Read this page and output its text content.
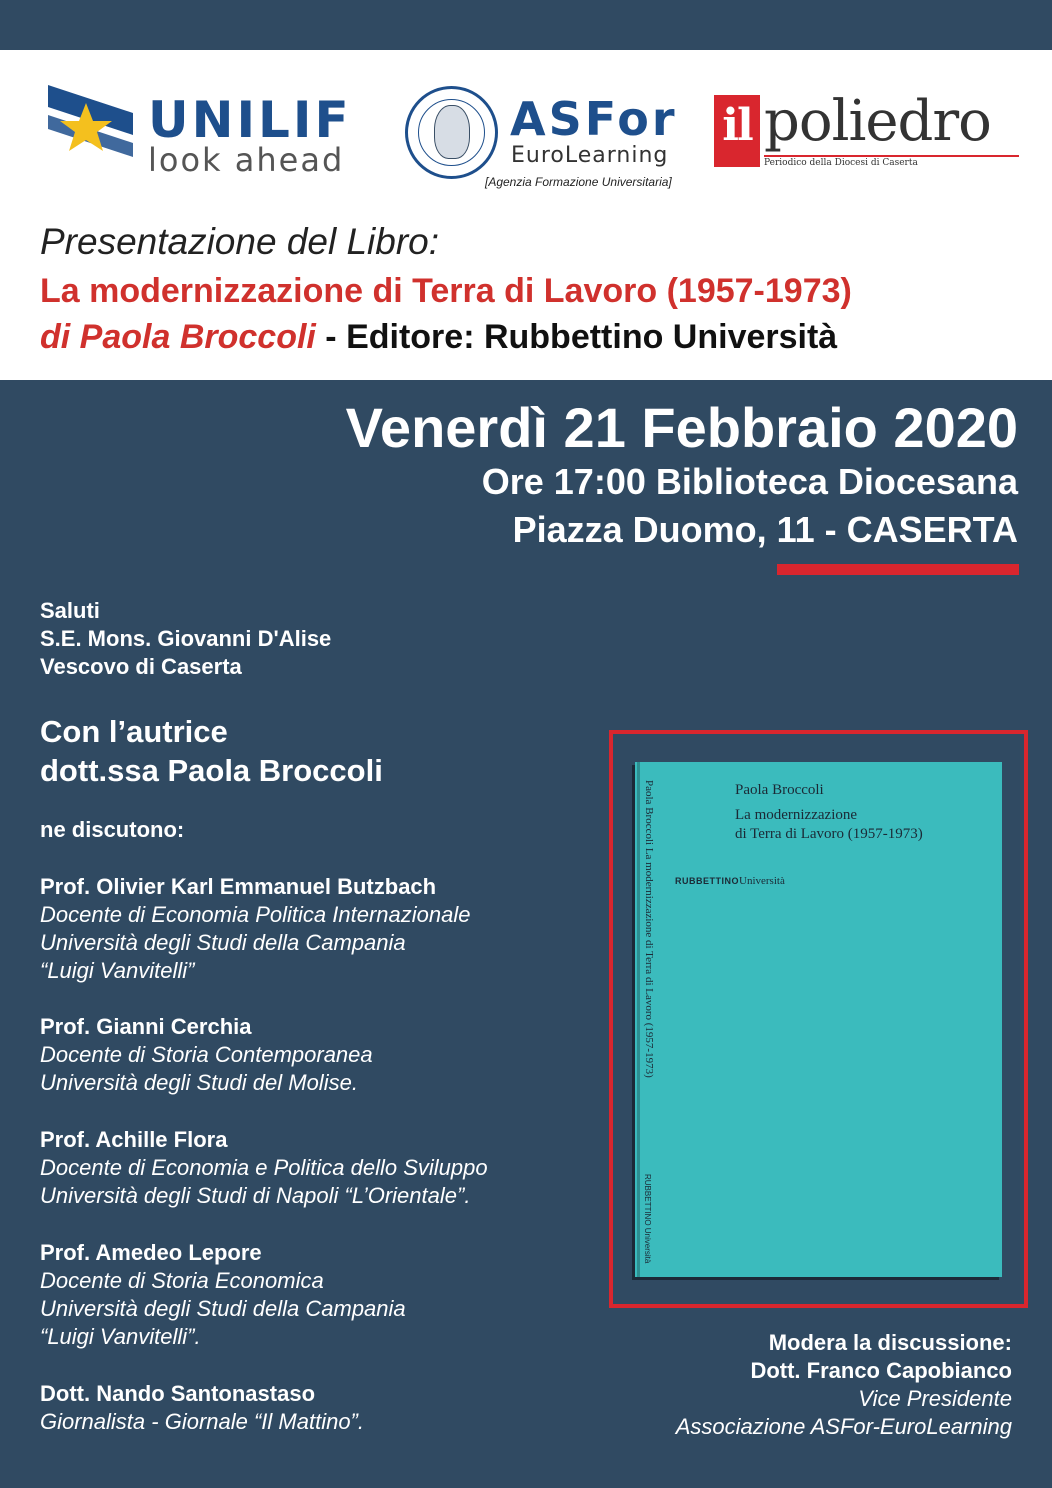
UNILIF
look ahead
ASFor
EuroLearning
[Agenzia Formazione Universitaria]
il poliedro
Periodico della Diocesi di Caserta
Presentazione del Libro:
La modernizzazione di Terra di Lavoro (1957-1973)
di Paola Broccoli - Editore: Rubbettino Università
Venerdì 21 Febbraio 2020
Ore 17:00 Biblioteca Diocesana
Piazza Duomo, 11 - CASERTA
Saluti
S.E. Mons. Giovanni D'Alise
Vescovo di Caserta
Con l’autrice
dott.ssa Paola Broccoli
ne discutono:
Prof. Olivier Karl Emmanuel Butzbach
Docente di Economia Politica Internazionale
Università degli Studi della Campania
“Luigi Vanvitelli”
Prof. Gianni Cerchia
Docente di Storia Contemporanea
Università degli Studi del Molise.
Prof. Achille Flora
Docente di Economia e Politica dello Sviluppo
Università degli Studi di Napoli “L’Orientale”.
Prof. Amedeo Lepore
Docente di Storia Economica
Università degli Studi della Campania
“Luigi Vanvitelli”.
Dott. Nando Santonastaso
Giornalista - Giornale “Il Mattino”.
Paola Broccoli La modernizzazione di Terra di Lavoro (1957-1973)	Paola Broccoli
La modernizzazione
di Terra di Lavoro (1957-1973)
RUBBETTINOUniversità
RUBBETTINO Università
Modera la discussione:
Dott. Franco Capobianco
Vice Presidente
Associazione ASFor-EuroLearning
